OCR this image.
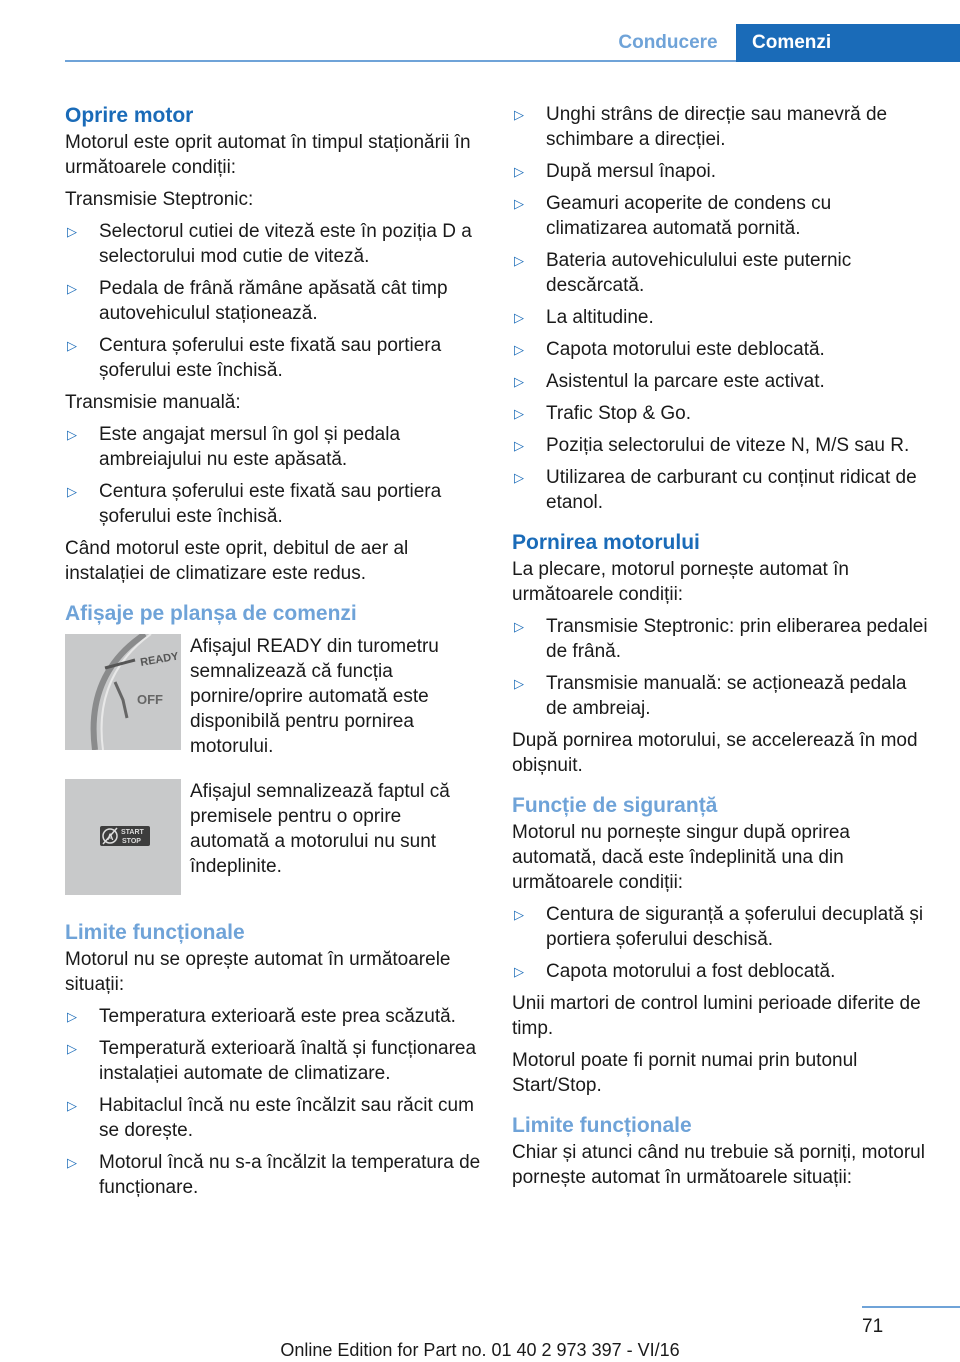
Conducere	Comenzi
Oprire motor

Motorul este oprit automat în timpul staționării în următoarele condiții:

Transmisie Steptronic:

▷ Selectorul cutiei de viteză este în poziția D a selectorului mod cutie de viteză.
▷ Pedala de frână rămâne apăsată cât timp autovehiculul staționează.
▷ Centura șoferului este fixată sau portiera șoferului este închisă.

Transmisie manuală:

▷ Este angajat mersul în gol și pedala ambreiajului nu este apăsată.
▷ Centura șoferului este fixată sau portiera șoferului este închisă.

Când motorul este oprit, debitul de aer al instalației de climatizare este redus.

Afișaje pe planșa de comenzi
READY
OFF
Afișajul READY din turometru semnalizează că funcția pornire/oprire automată este disponibilă pentru pornirea motorului.
A START
STOP
Afișajul semnalizează faptul că premisele pentru o oprire automată a motorului nu sunt îndeplinite.
Limite funcționale

Motorul nu se oprește automat în următoarele situații:

▷ Temperatura exterioară este prea scăzută.
▷ Temperatură exterioară înaltă și funcționarea instalației automate de climatizare.
▷ Habitaclul încă nu este încălzit sau răcit cum se dorește.
▷ Motorul încă nu s-a încălzit la temperatura de funcționare.
▷ Unghi strâns de direcție sau manevră de schimbare a direcției.
▷ După mersul înapoi.
▷ Geamuri acoperite de condens cu climatizarea automată pornită.
▷ Bateria autovehiculului este puternic descărcată.
▷ La altitudine.
▷ Capota motorului este deblocată.
▷ Asistentul la parcare este activat.
▷ Trafic Stop & Go.
▷ Poziția selectorului de viteze N, M/S sau R.
▷ Utilizarea de carburant cu conținut ridicat de etanol.
Pornirea motorului

La plecare, motorul pornește automat în următoarele condiții:

▷ Transmisie Steptronic: prin eliberarea pedalei de frână.
▷ Transmisie manuală: se acționează pedala de ambreiaj.

După pornirea motorului, se accelerează în mod obișnuit.

Funcție de siguranță

Motorul nu pornește singur după oprirea automată, dacă este îndeplinită una din următoarele condiții:

▷ Centura de siguranță a șoferului decuplată și portiera șoferului deschisă.
▷ Capota motorului a fost deblocată.

Unii martori de control lumini perioade diferite de timp.

Motorul poate fi pornit numai prin butonul Start/Stop.

Limite funcționale

Chiar și atunci când nu trebuie să porniți, motorul pornește automat în următoarele situații:

71
Online Edition for Part no. 01 40 2 973 397 - VI/16
